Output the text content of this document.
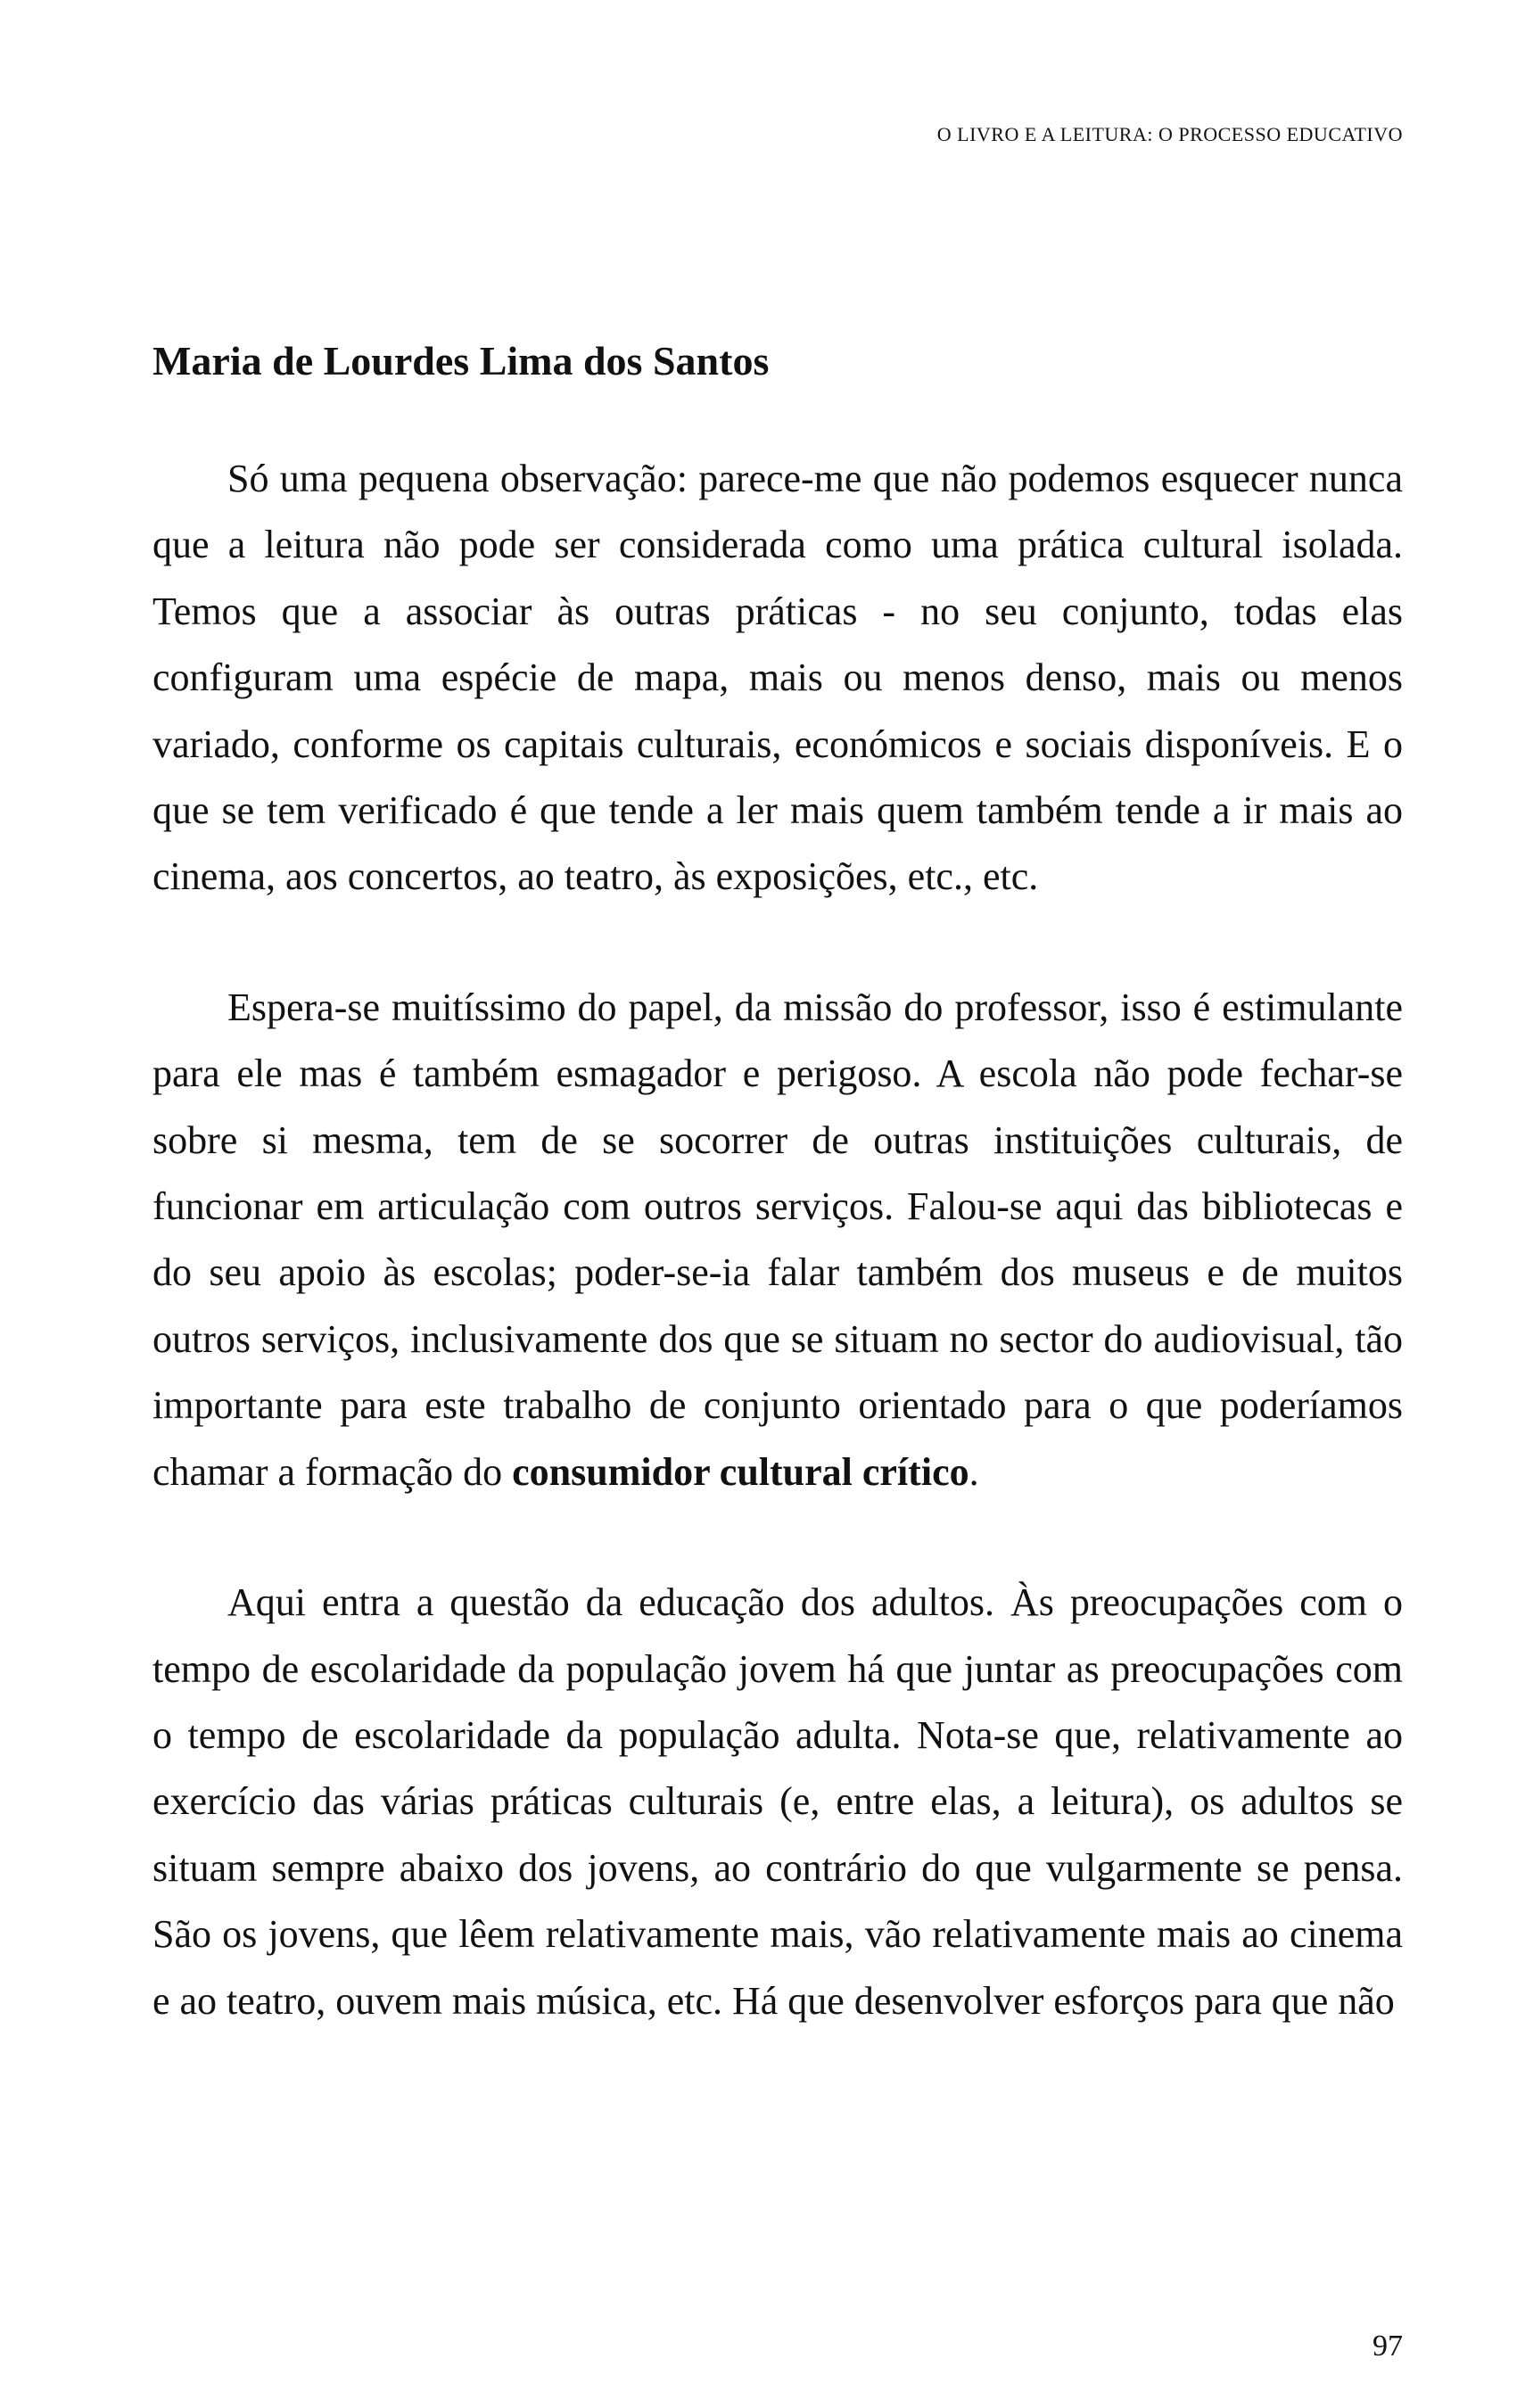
O LIVRO E A LEITURA: O PROCESSO EDUCATIVO
Maria de Lourdes Lima dos Santos

Só uma pequena observação: parece-me que não podemos esquecer nunca que a leitura não pode ser considerada como uma prática cultural isolada. Temos que a associar às outras práticas - no seu conjunto, todas elas configuram uma espécie de mapa, mais ou menos denso, mais ou menos variado, conforme os capitais culturais, económicos e sociais disponíveis. E o que se tem verificado é que tende a ler mais quem também tende a ir mais ao cinema, aos concertos, ao teatro, às exposições, etc., etc.

Espera-se muitíssimo do papel, da missão do professor, isso é estimulante para ele mas é também esmagador e perigoso. A escola não pode fechar-se sobre si mesma, tem de se socorrer de outras instituições culturais, de funcionar em articulação com outros serviços. Falou-se aqui das bibliotecas e do seu apoio às escolas; poder-se-ia falar também dos museus e de muitos outros serviços, inclusivamente dos que se situam no sector do audiovisual, tão importante para este trabalho de conjunto orientado para o que poderíamos chamar a formação do consumidor cultural crítico.

Aqui entra a questão da educação dos adultos. Às preocupações com o tempo de escolaridade da população jovem há que juntar as preocupações com o tempo de escolaridade da população adulta. Nota-se que, relativamente ao exercício das várias práticas culturais (e, entre elas, a leitura), os adultos se situam sempre abaixo dos jovens, ao contrário do que vulgarmente se pensa. São os jovens, que lêem relativamente mais, vão relativamente mais ao cinema e ao teatro, ouvem mais música, etc. Há que desenvolver esforços para que não

97
